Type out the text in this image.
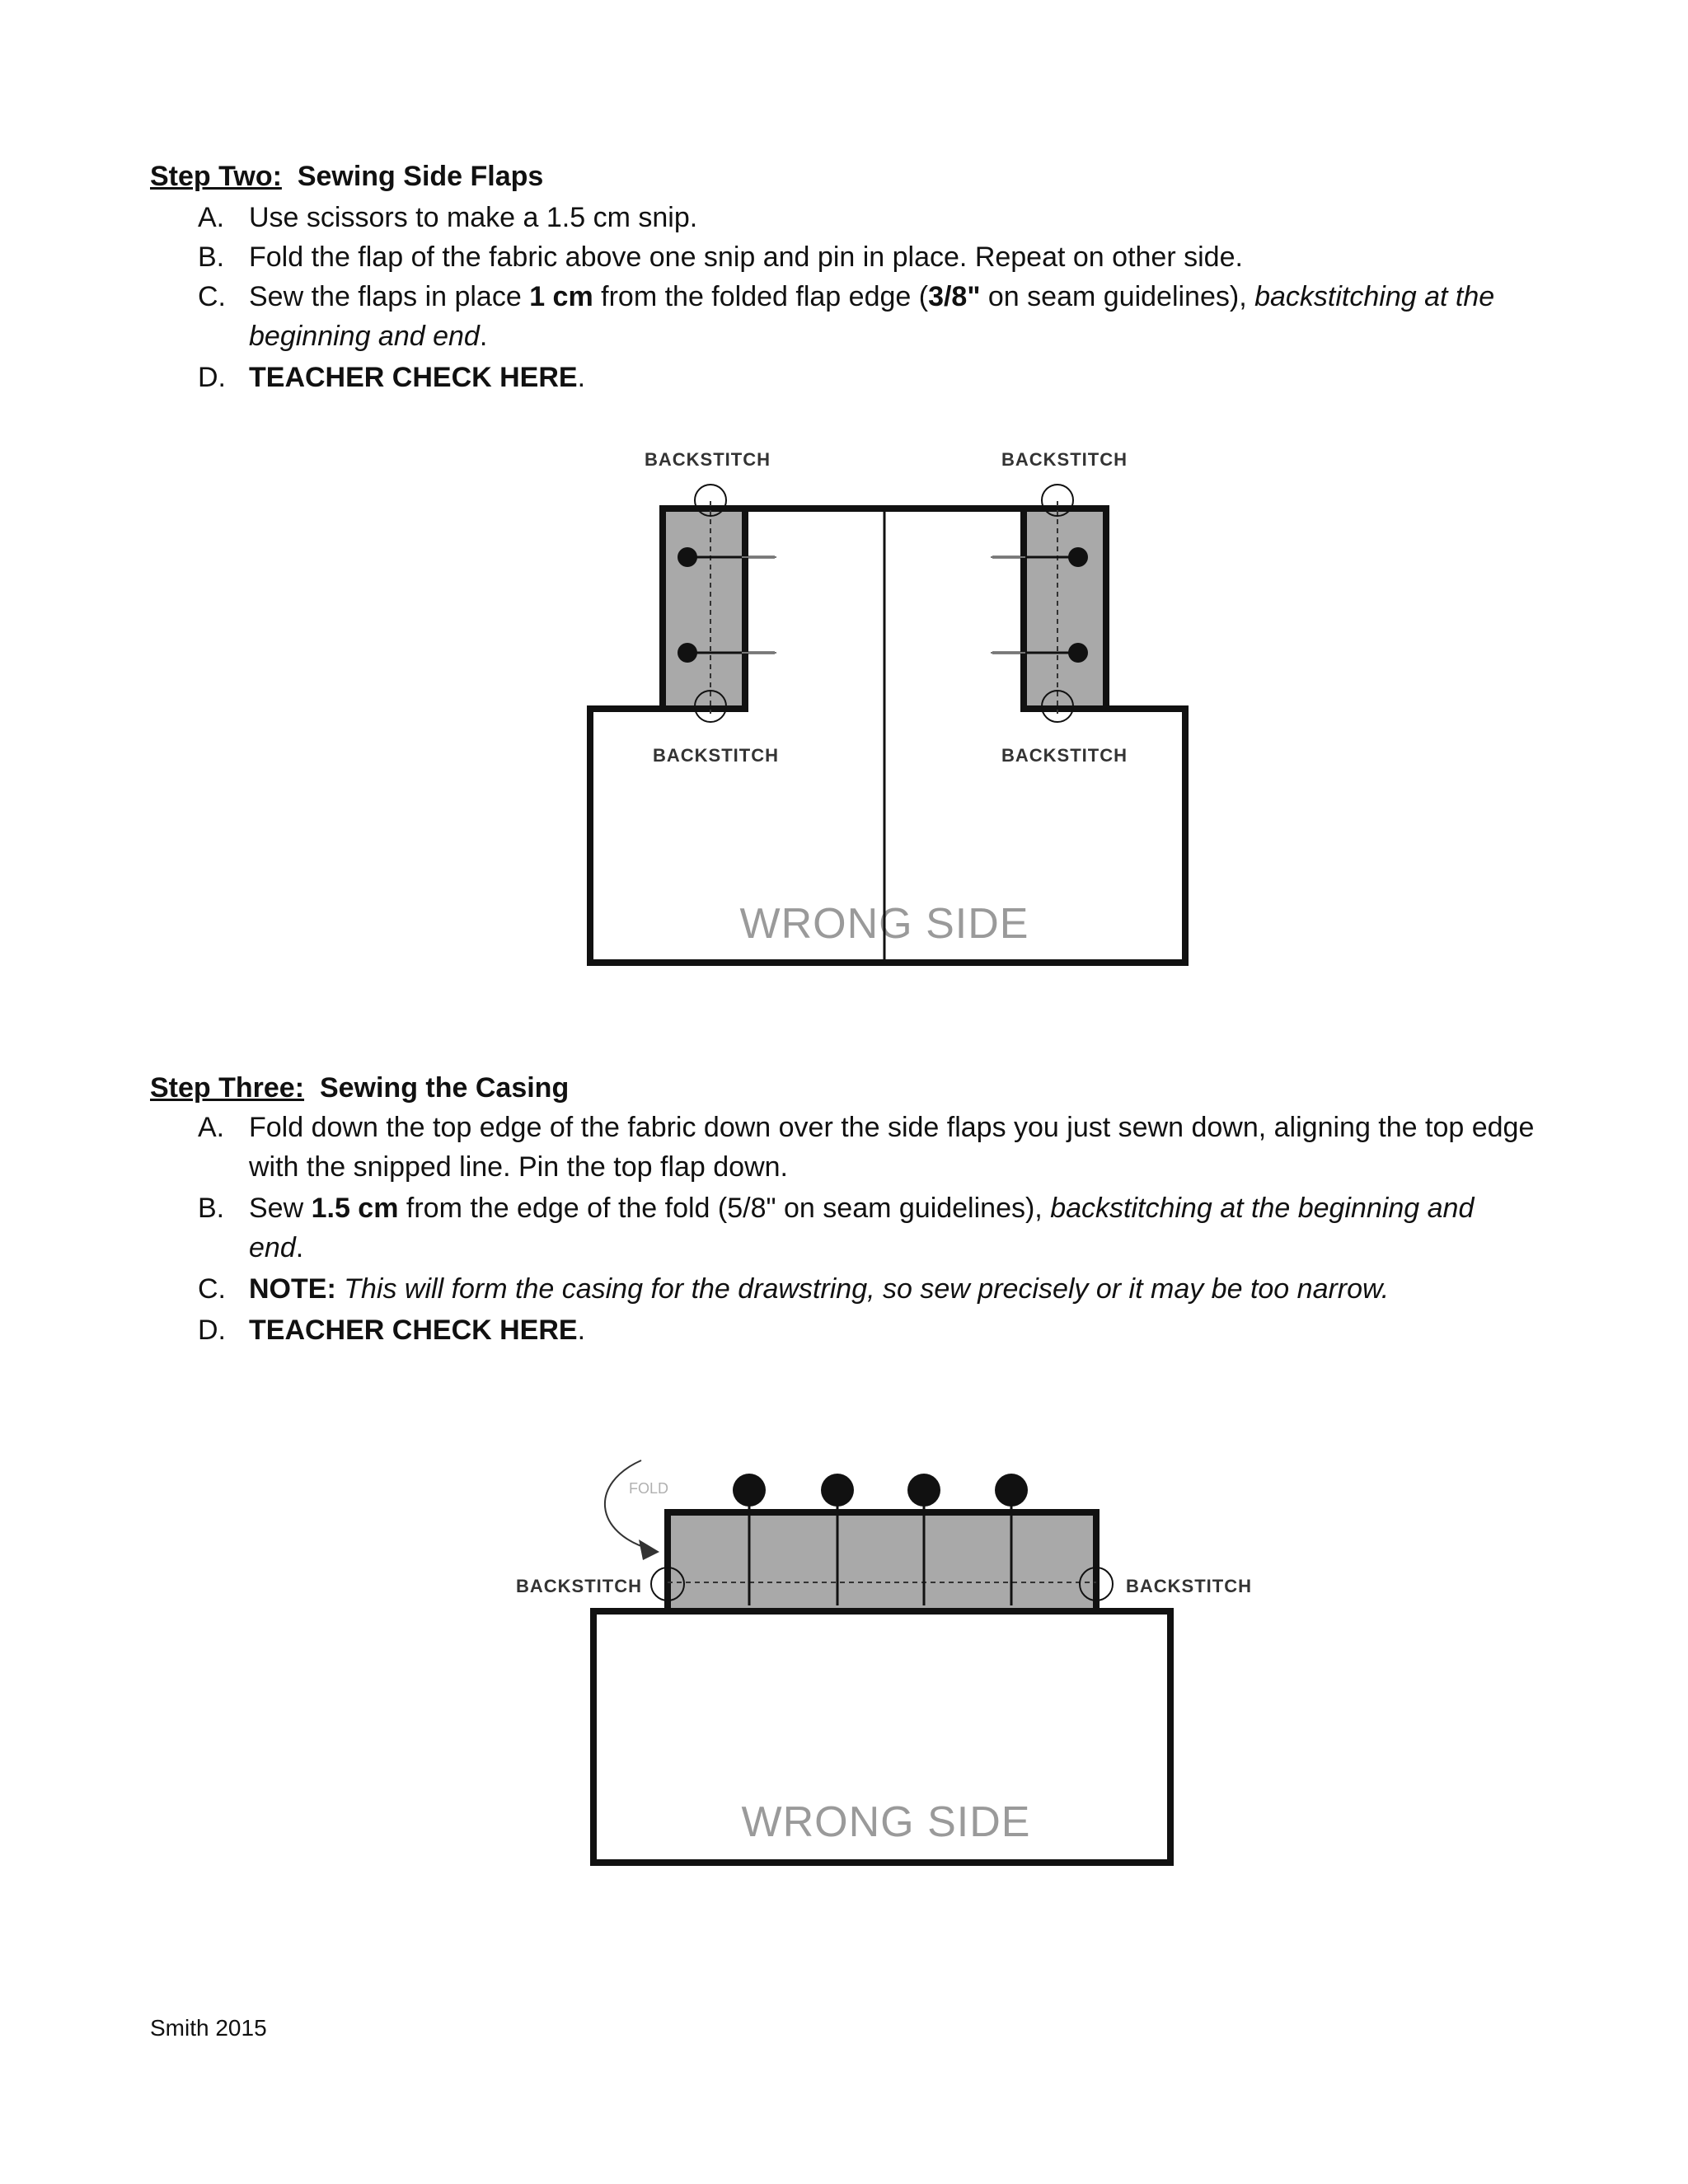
Step Two: Sewing Side Flaps
A. Use scissors to make a 1.5 cm snip.
B. Fold the flap of the fabric above one snip and pin in place. Repeat on other side.
C. Sew the flaps in place 1 cm from the folded flap edge (3/8" on seam guidelines), backstitching at the beginning and end.
D. TEACHER CHECK HERE.
Step Three: Sewing the Casing
A. Fold down the top edge of the fabric down over the side flaps you just sewn down, aligning the top edge with the snipped line. Pin the top flap down.
B. Sew 1.5 cm from the edge of the fold (5/8" on seam guidelines), backstitching at the beginning and end.
C. NOTE: This will form the casing for the drawstring, so sew precisely or it may be too narrow.
D. TEACHER CHECK HERE.
BACKSTITCH	BACKSTITCH
BACKSTITCH	BACKSTITCH
WRONG SIDE
FOLD
BACKSTITCH	BACKSTITCH
WRONG SIDE
Smith 2015
